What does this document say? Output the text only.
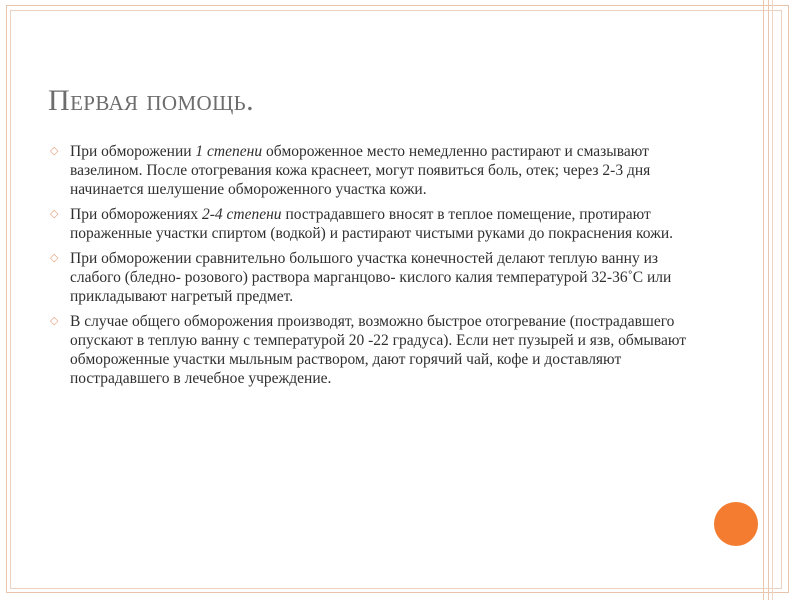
Первая помощь.
◇ При обморожении 1 степени обмороженное место немедленно растирают и смазывают вазелином. После отогревания кожа краснеет, могут появиться боль, отек; через 2-3 дня начинается шелушение обмороженного участка кожи.
◇ При обморожениях 2-4 степени пострадавшего вносят в теплое помещение, протирают пораженные участки спиртом (водкой) и растирают чистыми руками до покраснения кожи.
◇ При обморожении сравнительно большого участка конечностей делают теплую ванну из слабого (бледно- розового) раствора марганцово- кислого калия температурой 32-36˚С или прикладывают нагретый предмет.
◇ В случае общего обморожения производят, возможно быстрое отогревание (пострадавшего опускают в теплую ванну с температурой 20 -22 градуса). Если нет пузырей и язв, обмывают обмороженные участки мыльным раствором, дают горячий чай, кофе и доставляют пострадавшего в лечебное учреждение.
